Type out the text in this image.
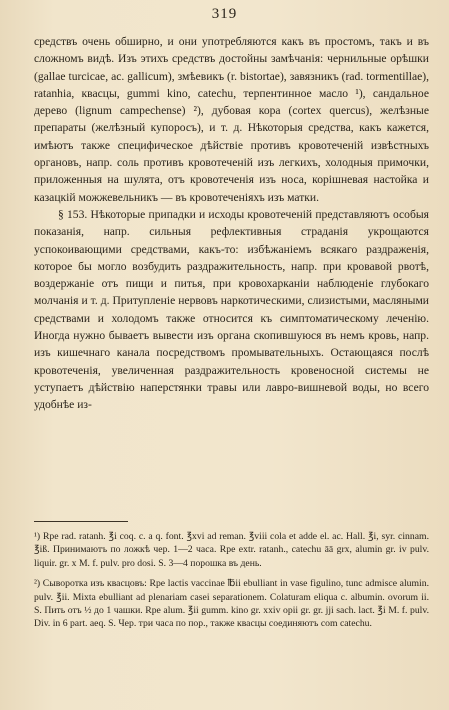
319

средствъ очень обширно, и они употребляются какъ въ простомъ, такъ и въ сложномъ видѣ. Изъ этихъ средствъ достойны замѣчанія: чернильные орѣшки (gallae turcicae, ac. gallicum), змѣевикъ (r. bistortae), завязникъ (rad. tormentillae), ratanhia, квасцы, gummi kino, catechu, терпентинное масло ¹), сандальное дерево (lignum campechense) ²), дубовая кора (cortex quercus), желѣзные препараты (желѣзный купоросъ), и т. д. Нѣкоторыя средства, какъ кажется, имѣютъ также специфическое дѣйствіе противъ кровотеченій извѣстныхъ органовъ, напр. соль противъ кровотеченій изъ легкихъ, холодныя примочки, приложенныя на шулята, отъ кровотеченія изъ носа, корішневая настойка и казацкій можжевельникъ — въ кровотеченіяхъ изъ матки.

§ 153. Нѣкоторые припадки и исходы кровотеченій представляютъ особыя показанія, напр. сильныя рефлективныя страданія укрощаются успокоивающими средствами, какъ-то: избѣжаніемъ всякаго раздраженія, которое бы могло возбудить раздражительность, напр. при кровавой рвотѣ, воздержаніе отъ пищи и питья, при кровохарканіи наблюденіе глубокаго молчанія и т. д. Притупленіе нервовъ наркотическими, слизистыми, масляными средствами и холодомъ также относится къ симптоматическому леченію. Иногда нужно бываетъ вывести изъ органа скопившуюся въ немъ кровь, напр. изъ кишечнаго канала посредствомъ промывательныхъ. Остающаяся послѣ кровотеченія, увеличенная раздражительность кровеносной системы не уступаетъ дѣйствію наперстянки травы или лавро-вишневой воды, но всего удобнѣе из-

¹) Rpe rad. ratanh. ℥i coq. c. a q. font. ℥xvi ad reman. ℥viii cola et adde el. ac. Hall. ℥i, syr. cinnam. ℥iß. Принимаютъ по ложкѣ чер. 1—2 часа. Rpe extr. ratanh., catechu āā grx, alumin gr. iv pulv. liquir. gr. x M. f. pulv. pro dosi. S. 3—4 порошка въ день.

²) Сыворотка изъ квасцовъ: Rpe lactis vaccinae ℔ii ebulliant in vase figulino, tunc admisce alumin. pulv. ℥ii. Mixta ebulliant ad plenariam casei separationem. Colaturam eliqua c. albumin. ovorum ii. S. Пить отъ ½ до 1 чашки. Rpe alum. ℥ii gumm. kino gr. xxiv opii gr. gr. jji sach. lact. ℥i M. f. pulv. Div. in 6 part. aeq. S. Чер. три часа по пор., также квасцы соединяютъ com catechu.
